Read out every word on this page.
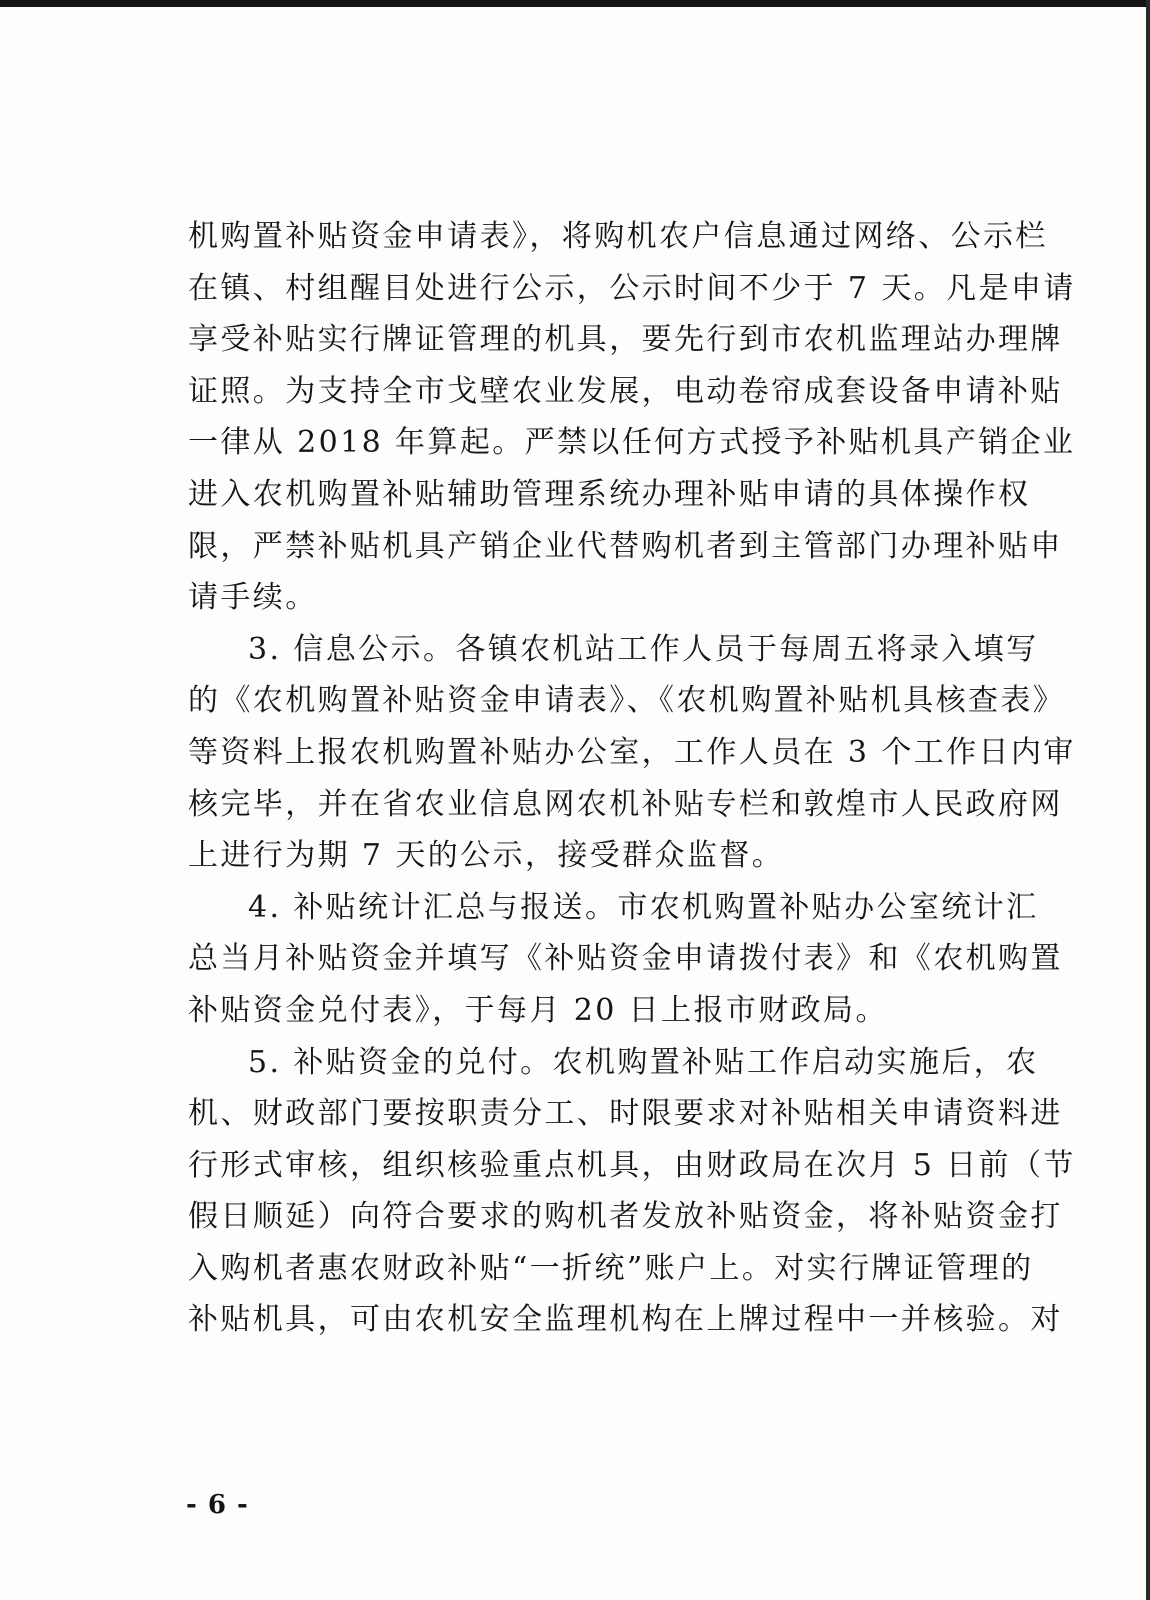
机购置补贴资金申请表》，将购机农户信息通过网络、公示栏
在镇、村组醒目处进行公示，公示时间不少于 7 天。凡是申请
享受补贴实行牌证管理的机具，要先行到市农机监理站办理牌
证照。为支持全市戈壁农业发展，电动卷帘成套设备申请补贴
一律从 2018 年算起。严禁以任何方式授予补贴机具产销企业
进入农机购置补贴辅助管理系统办理补贴申请的具体操作权
限，严禁补贴机具产销企业代替购机者到主管部门办理补贴申
请手续。
3. 信息公示。各镇农机站工作人员于每周五将录入填写
的《农机购置补贴资金申请表》、《农机购置补贴机具核查表》
等资料上报农机购置补贴办公室，工作人员在 3 个工作日内审
核完毕，并在省农业信息网农机补贴专栏和敦煌市人民政府网
上进行为期 7 天的公示，接受群众监督。
4. 补贴统计汇总与报送。市农机购置补贴办公室统计汇
总当月补贴资金并填写《补贴资金申请拨付表》和《农机购置
补贴资金兑付表》，于每月 20 日上报市财政局。
5. 补贴资金的兑付。农机购置补贴工作启动实施后，农
机、财政部门要按职责分工、时限要求对补贴相关申请资料进
行形式审核，组织核验重点机具，由财政局在次月 5 日前（节
假日顺延）向符合要求的购机者发放补贴资金，将补贴资金打
入购机者惠农财政补贴“一折统”账户上。对实行牌证管理的
补贴机具，可由农机安全监理机构在上牌过程中一并核验。对
- 6 -
